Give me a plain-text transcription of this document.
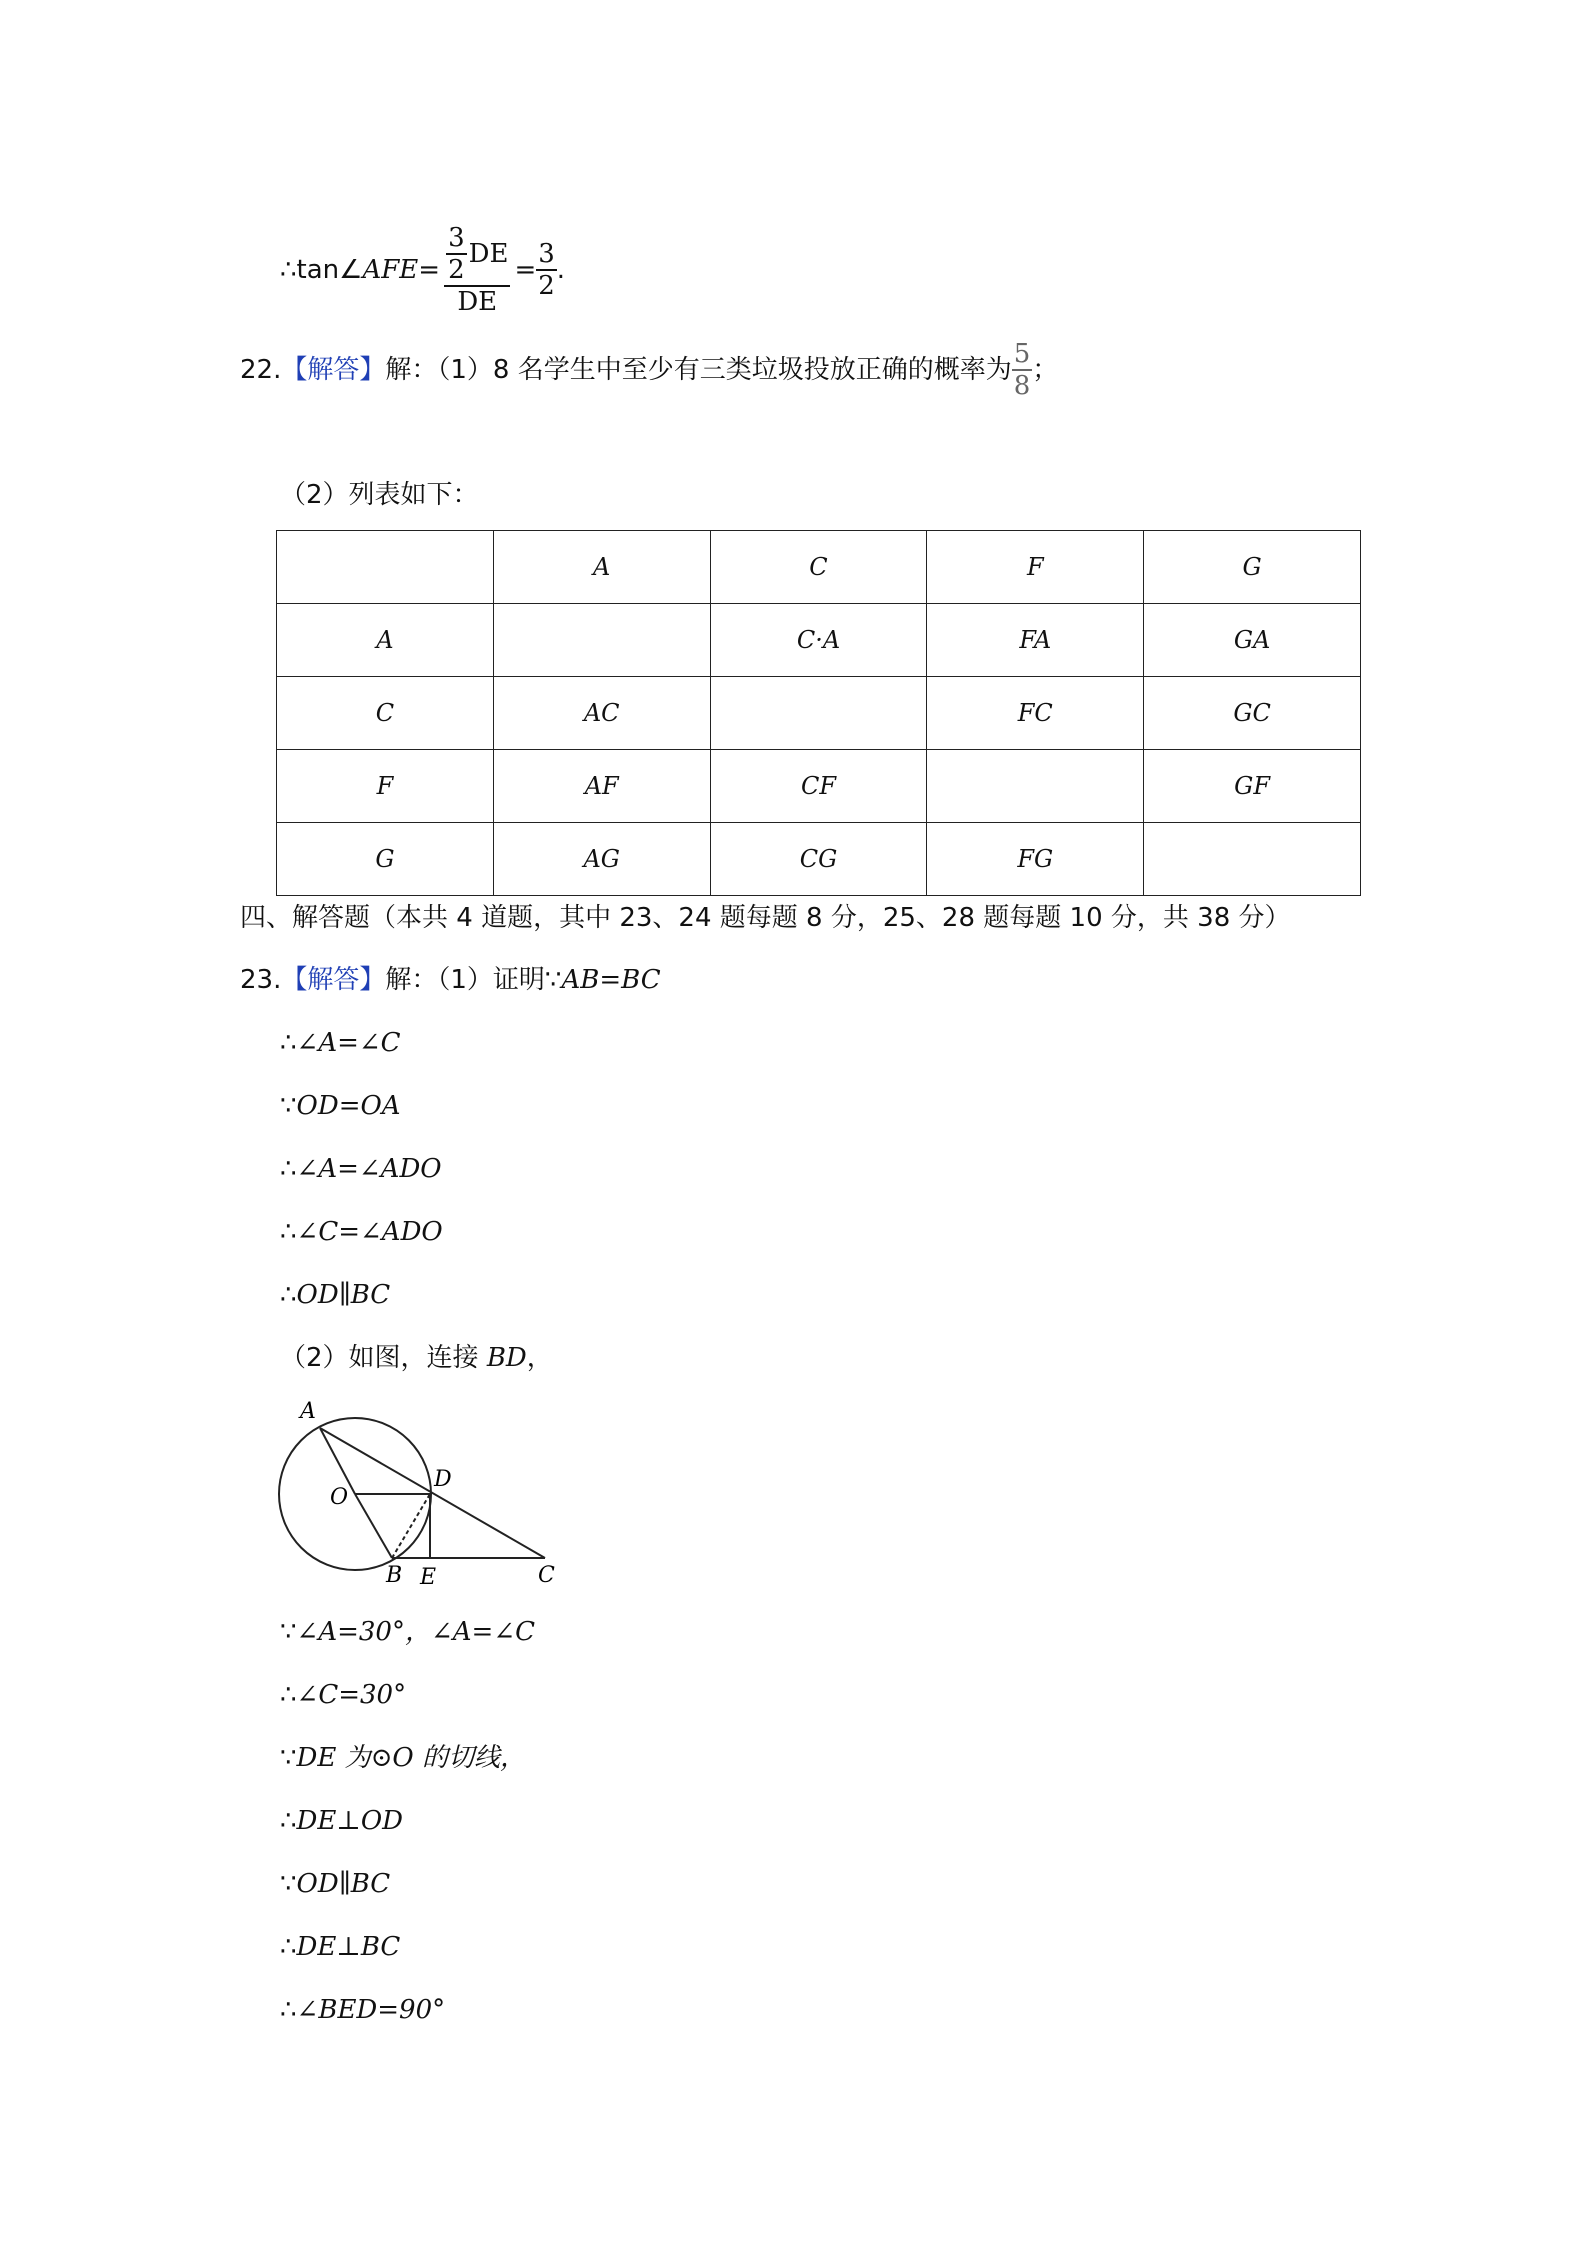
∴tan∠ AFE = $\frac{\frac{3}{2} DE}{DE} = \frac{3}{2}$ .
22. 【解答】 解：（1）8 名学生中至少有三类垃圾投放正确的概率为 $\frac{5}{8}$ ；
（2）列表如下：
	A	C	F	G
A		C·A	FA	GA
C	AC		FC	GC
F	AF	CF		GF
G	AG	CG	FG	
四、解答题（本共 4 道题，其中 23、24 题每题 8 分，25、28 题每题 10 分，共 38 分）
23.【解答】解：（1）证明∵AB=BC
∴∠A=∠C
∵OD=OA
∴∠A=∠ADO
∴∠C=∠ADO
∴OD∥BC
（2）如图，连接 BD，
A
O
D
B E	C
∵∠A=30°，∠A=∠C
∴∠C=30°
∵DE 为⊙O 的切线，
∴DE⊥OD
∵OD∥BC
∴DE⊥BC
∴∠BED=90°
